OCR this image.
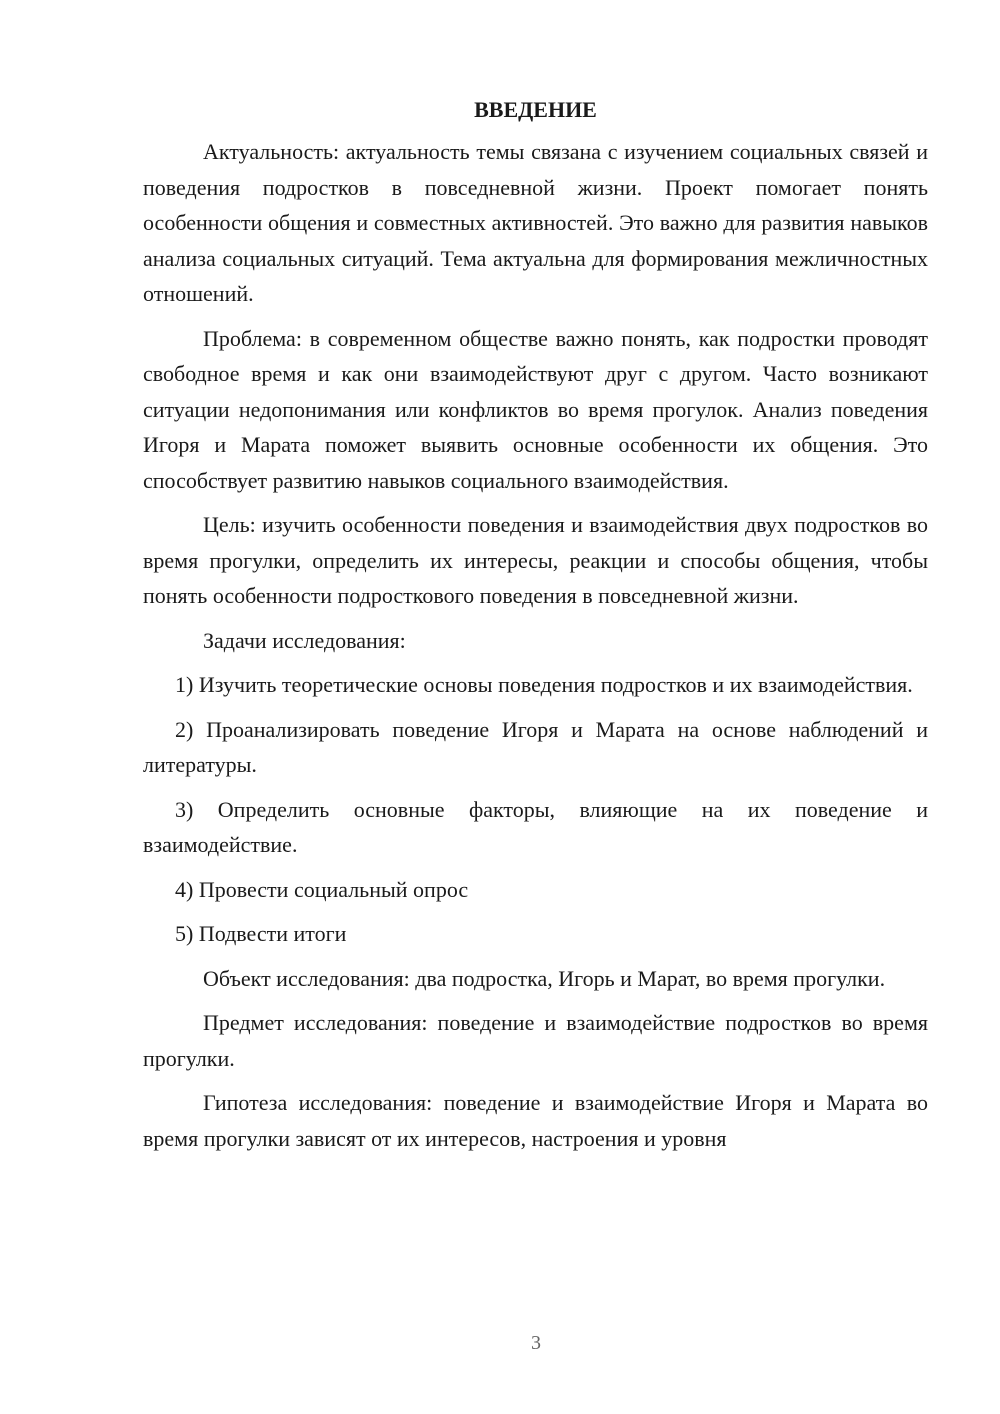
ВВЕДЕНИЕ

Актуальность: актуальность темы связана с изучением социальных связей и поведения подростков в повседневной жизни. Проект помогает понять особенности общения и совместных активностей. Это важно для развития навыков анализа социальных ситуаций. Тема актуальна для формирования межличностных отношений.

Проблема: в современном обществе важно понять, как подростки проводят свободное время и как они взаимодействуют друг с другом. Часто возникают ситуации недопонимания или конфликтов во время прогулок. Анализ поведения Игоря и Марата поможет выявить основные особенности их общения. Это способствует развитию навыков социального взаимодействия.

Цель: изучить особенности поведения и взаимодействия двух подростков во время прогулки, определить их интересы, реакции и способы общения, чтобы понять особенности подросткового поведения в повседневной жизни.

Задачи исследования:

1) Изучить теоретические основы поведения подростков и их взаимодействия.

2) Проанализировать поведение Игоря и Марата на основе наблюдений и литературы.

3) Определить основные факторы, влияющие на их поведение и взаимодействие.

4) Провести социальный опрос

5) Подвести итоги

Объект исследования: два подростка, Игорь и Марат, во время прогулки.

Предмет исследования: поведение и взаимодействие подростков во время прогулки.

Гипотеза исследования: поведение и взаимодействие Игоря и Марата во время прогулки зависят от их интересов, настроения и уровня

3
